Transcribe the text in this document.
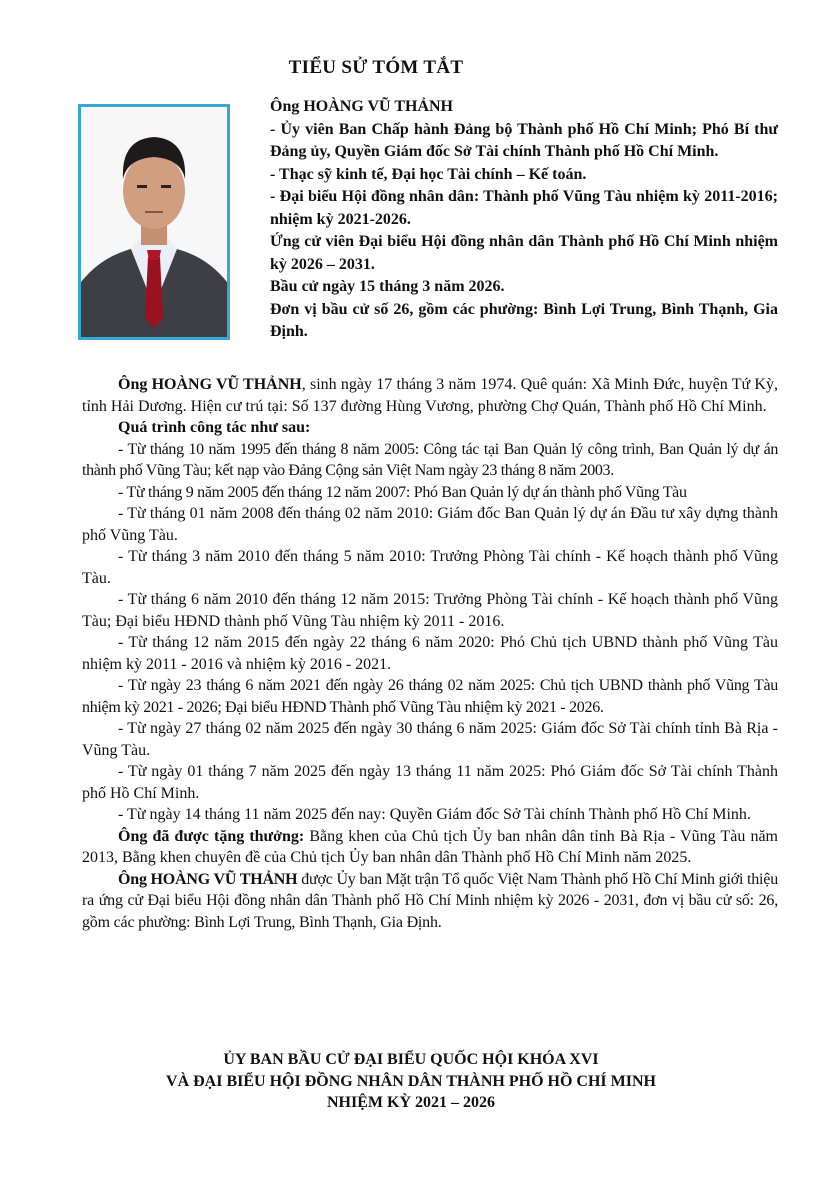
TIỂU SỬ TÓM TẮT

Ông HOÀNG VŨ THẢNH

- Ủy viên Ban Chấp hành Đảng bộ Thành phố Hồ Chí Minh; Phó Bí thư Đảng ủy, Quyền Giám đốc Sở Tài chính Thành phố Hồ Chí Minh.

- Thạc sỹ kinh tế, Đại học Tài chính – Kế toán.

- Đại biểu Hội đồng nhân dân: Thành phố Vũng Tàu nhiệm kỳ 2011-2016; nhiệm kỳ 2021-2026.

Ứng cử viên Đại biểu Hội đồng nhân dân Thành phố Hồ Chí Minh nhiệm kỳ 2026 – 2031.

Bầu cử ngày 15 tháng 3 năm 2026.

Đơn vị bầu cử số 26, gồm các phường: Bình Lợi Trung, Bình Thạnh, Gia Định.

Ông HOÀNG VŨ THẢNH, sinh ngày 17 tháng 3 năm 1974. Quê quán: Xã Minh Đức, huyện Tứ Kỳ, tỉnh Hải Dương. Hiện cư trú tại: Số 137 đường Hùng Vương, phường Chợ Quán, Thành phố Hồ Chí Minh.

Quá trình công tác như sau:

- Từ tháng 10 năm 1995 đến tháng 8 năm 2005: Công tác tại Ban Quản lý công trình, Ban Quản lý dự án thành phố Vũng Tàu; kết nạp vào Đảng Cộng sản Việt Nam ngày 23 tháng 8 năm 2003.

- Từ tháng 9 năm 2005 đến tháng 12 năm 2007: Phó Ban Quản lý dự án thành phố Vũng Tàu

- Từ tháng 01 năm 2008 đến tháng 02 năm 2010: Giám đốc Ban Quản lý dự án Đầu tư xây dựng thành phố Vũng Tàu.

- Từ tháng 3 năm 2010 đến tháng 5 năm 2010: Trưởng Phòng Tài chính - Kế hoạch thành phố Vũng Tàu.

- Từ tháng 6 năm 2010 đến tháng 12 năm 2015: Trưởng Phòng Tài chính - Kế hoạch thành phố Vũng Tàu; Đại biểu HĐND thành phố Vũng Tàu nhiệm kỳ 2011 - 2016.

- Từ tháng 12 năm 2015 đến ngày 22 tháng 6 năm 2020: Phó Chủ tịch UBND thành phố Vũng Tàu nhiệm kỳ 2011 - 2016 và nhiệm kỳ 2016 - 2021.

- Từ ngày 23 tháng 6 năm 2021 đến ngày 26 tháng 02 năm 2025: Chủ tịch UBND thành phố Vũng Tàu nhiệm kỳ 2021 - 2026; Đại biểu HĐND Thành phố Vũng Tàu nhiệm kỳ 2021 - 2026.

- Từ ngày 27 tháng 02 năm 2025 đến ngày 30 tháng 6 năm 2025: Giám đốc Sở Tài chính tỉnh Bà Rịa - Vũng Tàu.

- Từ ngày 01 tháng 7 năm 2025 đến ngày 13 tháng 11 năm 2025: Phó Giám đốc Sở Tài chính Thành phố Hồ Chí Minh.

- Từ ngày 14 tháng 11 năm 2025 đến nay: Quyền Giám đốc Sở Tài chính Thành phố Hồ Chí Minh.

Ông đã được tặng thưởng: Bằng khen của Chủ tịch Ủy ban nhân dân tỉnh Bà Rịa - Vũng Tàu năm 2013, Bằng khen chuyên đề của Chủ tịch Ủy ban nhân dân Thành phố Hồ Chí Minh năm 2025.

Ông HOÀNG VŨ THẢNH được Ủy ban Mặt trận Tổ quốc Việt Nam Thành phố Hồ Chí Minh giới thiệu ra ứng cử Đại biểu Hội đồng nhân dân Thành phố Hồ Chí Minh nhiệm kỳ 2026 - 2031, đơn vị bầu cử số: 26, gồm các phường: Bình Lợi Trung, Bình Thạnh, Gia Định.

ỦY BAN BẦU CỬ ĐẠI BIỂU QUỐC HỘI KHÓA XVI
VÀ ĐẠI BIỂU HỘI ĐỒNG NHÂN DÂN THÀNH PHỐ HỒ CHÍ MINH
NHIỆM KỲ 2021 – 2026
